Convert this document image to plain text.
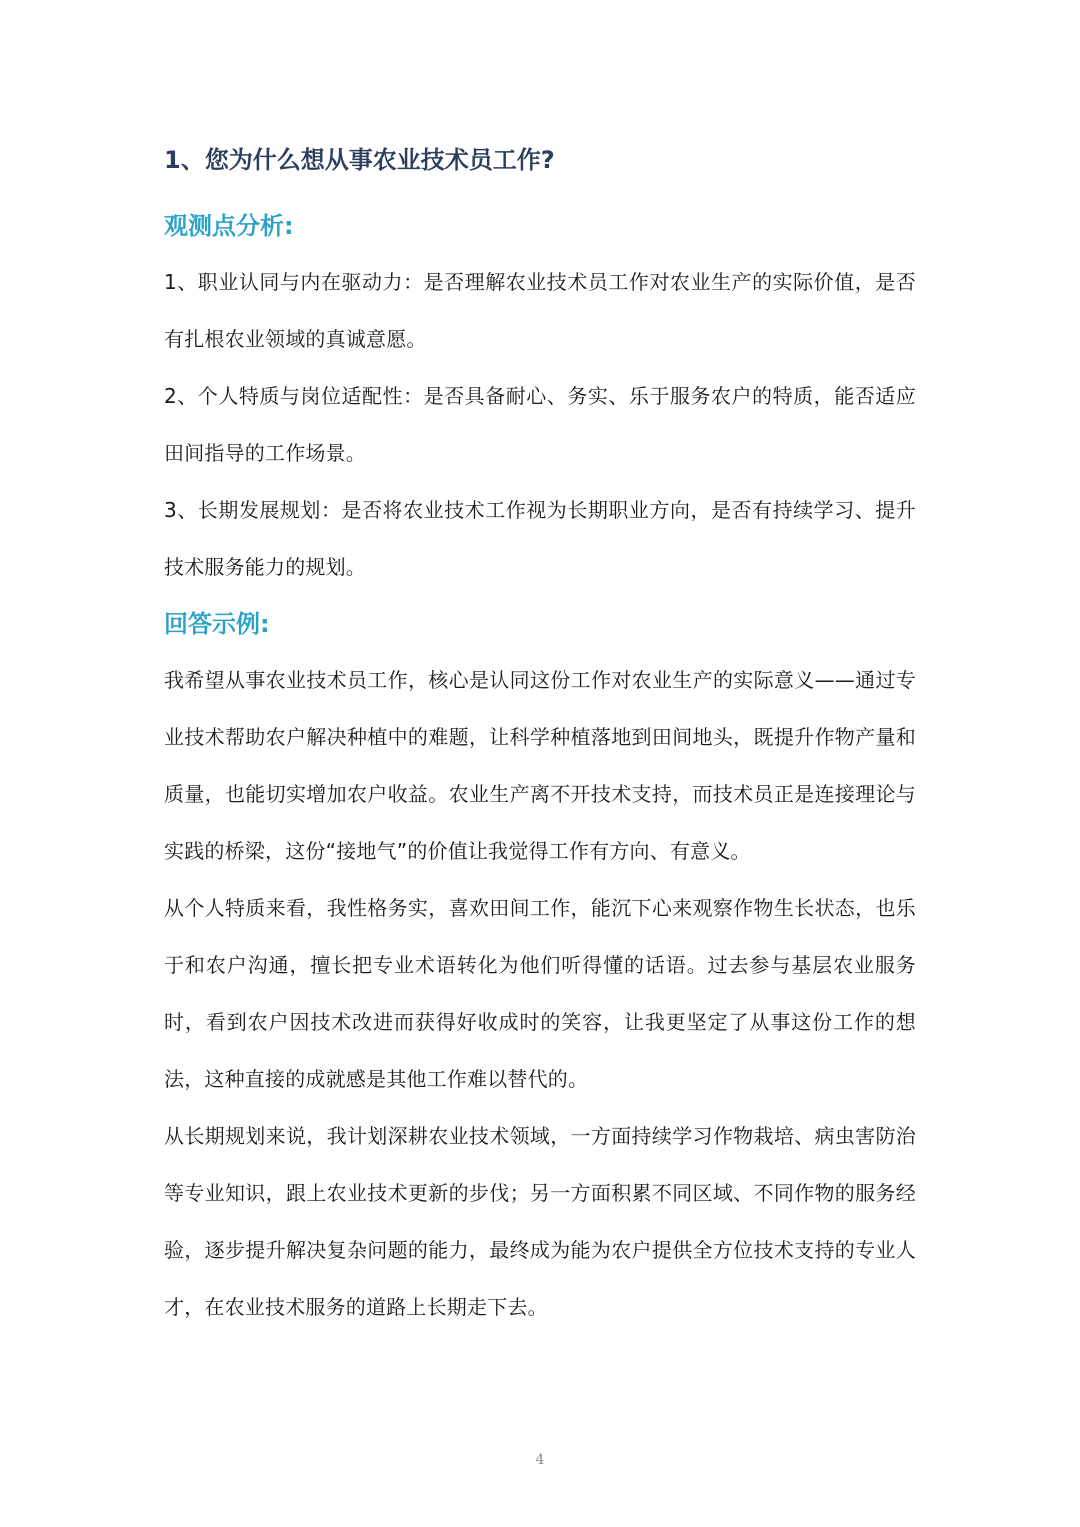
1、您为什么想从事农业技术员工作?
观测点分析:

1、职业认同与内在驱动力：是否理解农业技术员工作对农业生产的实际价值，是否有扎根农业领域的真诚意愿。

2、个人特质与岗位适配性：是否具备耐心、务实、乐于服务农户的特质，能否适应田间指导的工作场景。

3、长期发展规划：是否将农业技术工作视为长期职业方向，是否有持续学习、提升技术服务能力的规划。

回答示例:

我希望从事农业技术员工作，核心是认同这份工作对农业生产的实际意义——通过专业技术帮助农户解决种植中的难题，让科学种植落地到田间地头，既提升作物产量和质量，也能切实增加农户收益。农业生产离不开技术支持，而技术员正是连接理论与实践的桥梁，这份“接地气”的价值让我觉得工作有方向、有意义。

从个人特质来看，我性格务实，喜欢田间工作，能沉下心来观察作物生长状态，也乐于和农户沟通，擅长把专业术语转化为他们听得懂的话语。过去参与基层农业服务时，看到农户因技术改进而获得好收成时的笑容，让我更坚定了从事这份工作的想法，这种直接的成就感是其他工作难以替代的。

从长期规划来说，我计划深耕农业技术领域，一方面持续学习作物栽培、病虫害防治等专业知识，跟上农业技术更新的步伐；另一方面积累不同区域、不同作物的服务经验，逐步提升解决复杂问题的能力，最终成为能为农户提供全方位技术支持的专业人才，在农业技术服务的道路上长期走下去。

4
